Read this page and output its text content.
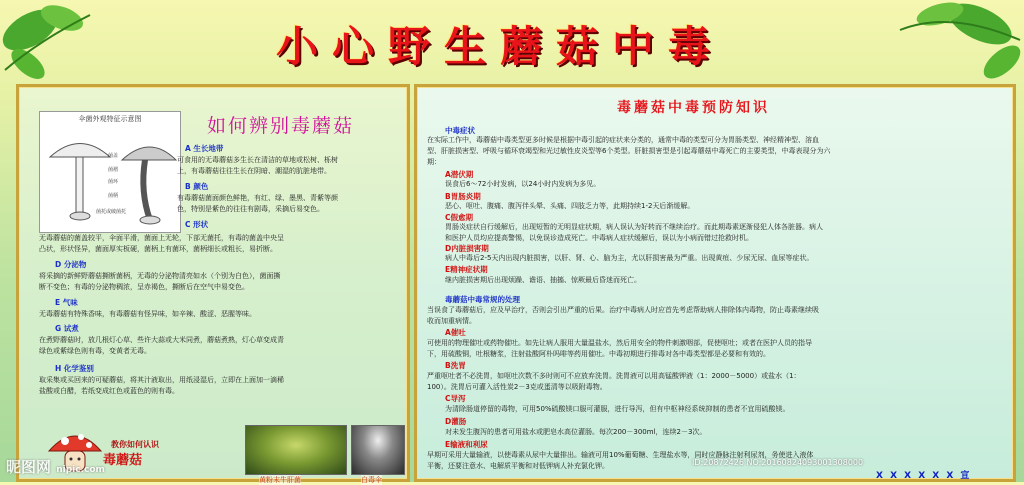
小心野生蘑菇中毒
伞菌外观特征示意图
菌盖
菌褶
菌环
菌柄
菌托或破菌托
如何辨别毒蘑菇
A 生长地带
可食用的无毒蘑菇多生长在清洁的草地或松树、栎树
上，有毒蘑菇往往生长在阴暗、潮湿的肮脏地带。
B 颜色
有毒蘑菇菌面颜色鲜艳，有红、绿、墨黑、青紫等颜
色，特别是紫色的往往有剧毒，采摘后易变色。
C 形状
无毒蘑菇的菌盖较平，伞面平滑，菌面上无轮，下部无菌托，有毒的菌盖中央呈
凸状，形状怪异，菌面厚实板硬，菌柄上有菌环，菌柄细长或粗长，易折断。
D 分泌物
将采摘的新鲜野蘑菇撕断菌柄，无毒的分泌物清亮如水（个别为白色），菌面撕
断不变色；有毒的分泌物稠浓，呈赤褐色，撕断后在空气中易变色。
E 气味
无毒蘑菇有特殊香味，有毒蘑菇有怪异味，如辛辣、酸涩、恶腥等味。
G 试煮
在煮野蘑菇时，放几根灯心草、些许大蒜或大米同煮，蘑菇煮熟，灯心草变成青
绿色或紫绿色则有毒，变黄者无毒。
H 化学鉴别
取采集或买回来的可疑蘑菇，将其汁液取出，用纸浸湿后，立即在上面加一滴稀
盐酸或白醋，若纸变成红色或蓝色的则有毒。
教你如何认识
毒蘑菇
黄粉末牛肝菌	白毒伞
毒蘑菇中毒预防知识
中毒症状
在实际工作中，毒蘑菇中毒类型更多时候是根据中毒引起的症状来分类的，通常中毒的类型可分为胃肠类型、神经精神型、溶血
型、肝脏损害型、呼吸与循环衰竭型和光过敏性皮炎型等6个类型。肝脏损害型是引起毒蘑菇中毒死亡的主要类型，中毒表现分为六
期：
A潜伏期
误食后6～72小时发病，以24小时内发病为多见。
B胃肠炎期
恶心、呕吐、腹痛、腹泻伴头晕、头痛、四肢乏力等，此期持续1-2天后渐缓解。
C假愈期
胃肠炎症状自行缓解后，出现短暂的无明显症状期，病人误认为好转而不继续治疗。而此期毒素逐渐侵犯人体各脏器。病人
和医护人员均应提高警惕，以免误诊造成死亡。中毒病人症状缓解后，误以为小病而错过抢救时机。
D内脏损害期
病人中毒后2-5天内出现内脏损害，以肝、肾、心、脑为主，尤以肝损害最为严重。出现黄疸、少尿无尿、血尿等症状。
E精神症状期
继内脏损害期后出现烦躁、谵语、抽搐、惊厥最后昏迷而死亡。
毒蘑菇中毒常规的处理
当误食了毒蘑菇后，应及早治疗，否则会引出严重的后果。治疗中毒病人时应首先考虑帮助病人排除体内毒物，防止毒素继续吸
收而加重病情。
A催吐
可使用的物理催吐或药物催吐。如先让病人服用大量温盐水，然后用安全的物件刺激咽部，促使呕吐；或者在医护人员的指导
下，用硫酸铜，吐根糖浆，注射盐酸阿朴吗啡等药用催吐。中毒初期进行排毒对各中毒类型都是必要和有效的。
B洗胃
严重呕吐者不必洗胃，如呕吐次数不多时则可不应放弃洗胃。洗胃液可以用高锰酸钾液（1：2000－5000）或盐水（1：
100）。洗胃后可灌入活性炭2－3克或蛋清等以吸附毒物。
C导泻
为清除肠道停留的毒物，可用50%硫酸镁口服可灌服，进行导泻，但有中枢神经系统抑制的患者不宜用硫酸镁。
D灌肠
对未发生腹泻的患者可用盐水或肥皂水高位灌肠。每次200－300ml，连续2－3次。
E输液和利尿
早期可采用大量输液，以使毒素从尿中大量排出。输液可用10%葡萄糖、生理盐水等，同时应静脉注射利尿剂，务使进入液体
平衡，还要注意水、电解质平衡和对低钾病人补充氯化钾。
X X X X X X 宣
昵图网 nipic.com
ID:20872426 NO:20160824093001308000
